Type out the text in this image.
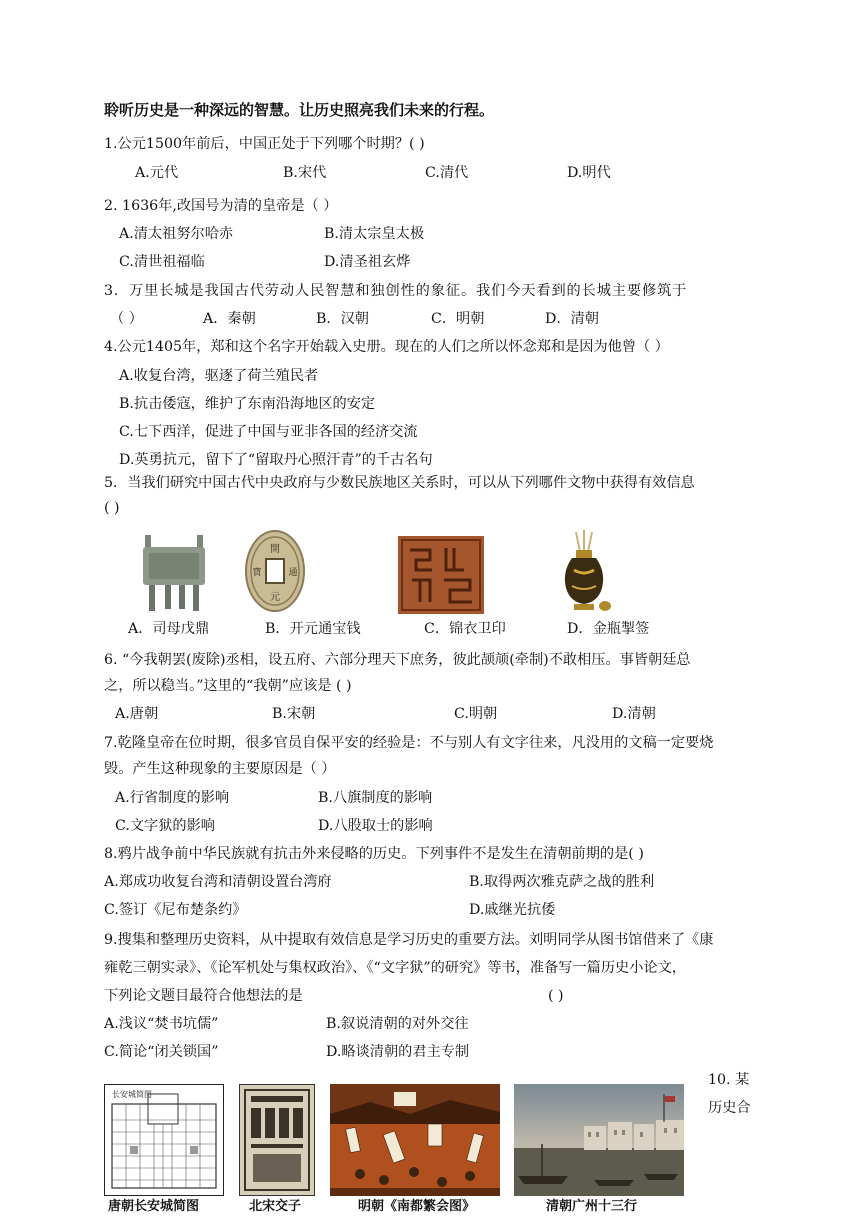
聆听历史是一种深远的智慧。让历史照亮我们未来的行程。
1.公元1500年前后，中国正处于下列哪个时期？( )
A.元代	B.宋代	C.清代	D.明代
2. 1636年,改国号为清的皇帝是（ ）
A.清太祖努尔哈赤	B.清太宗皇太极
C.清世祖福临	D.清圣祖玄烨
3．万里长城是我国古代劳动人民智慧和独创性的象征。我们今天看到的长城主要修筑于
（ ）	A．秦朝	B．汉朝	C．明朝	D．清朝
4.公元1405年，郑和这个名字开始载入史册。现在的人们之所以怀念郑和是因为他曾（ ）
A.收复台湾，驱逐了荷兰殖民者
B.抗击倭寇，维护了东南沿海地区的安定
C.七下西洋，促进了中国与亚非各国的经济交流
D.英勇抗元，留下了“留取丹心照汗青”的千古名句
5．当我们研究中国古代中央政府与少数民族地区关系时，可以从下列哪件文物中获得有效信息
( )
開
元
寶	通
A．司母戊鼎	B．开元通宝钱	C．锦衣卫印	D．金瓶掣签
6. “今我朝罢(废除)丞相，设五府、六部分理天下庶务，彼此颉颃(牵制)不敢相压。事皆朝廷总
之，所以稳当。”这里的“我朝”应该是 ( )
A.唐朝	B.宋朝	C.明朝	D.清朝
7.乾隆皇帝在位时期，很多官员自保平安的经验是：不与别人有文字往来，凡没用的文稿一定要烧
毁。产生这种现象的主要原因是（ ）
A.行省制度的影响	B.八旗制度的影响
C.文字狱的影响	D.八股取士的影响
8.鸦片战争前中华民族就有抗击外来侵略的历史。下列事件不是发生在清朝前期的是( )
A.郑成功收复台湾和清朝设置台湾府	B.取得两次雅克萨之战的胜利
C.签订《尼布楚条约》	D.戚继光抗倭
9.搜集和整理历史资料，从中提取有效信息是学习历史的重要方法。刘明同学从图书馆借来了《康
雍乾三朝实录》、《论军机处与集权政治》、《“文字狱”的研究》等书，准备写一篇历史小论文，
下列论文题目最符合他想法的是	( )
A.浅议“焚书坑儒”	B.叙说清朝的对外交往
C.简论“闭关锁国”	D.略谈清朝的君主专制
长安城简图
唐朝长安城简图	北宋交子	明朝《南都繁会图》	清朝广州十三行
10. 某
历史合
